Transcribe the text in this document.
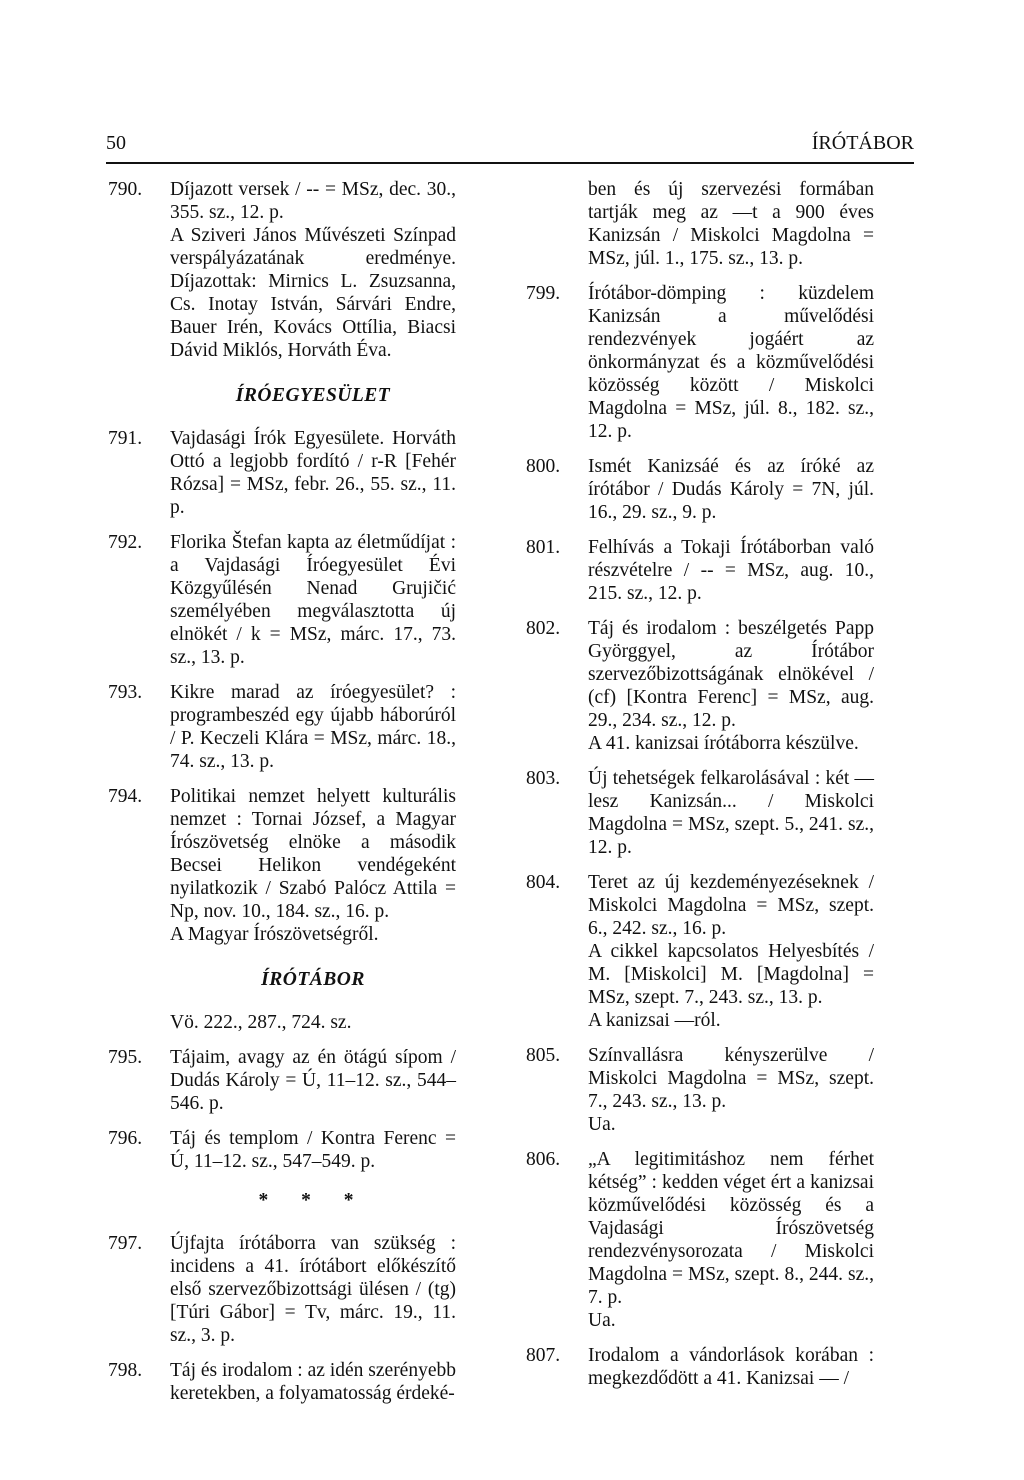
50	ÍRÓTÁBOR
790. Díjazott versek / -- = MSz, dec. 30., 355. sz., 12. p.

A Sziveri János Művészeti Színpad verspályázatának eredménye. Díjazottak: Mirnics L. Zsuzsanna, Cs. Inotay István, Sárvári Endre, Bauer Irén, Kovács Ottília, Biacsi Dávid Miklós, Horváth Éva.

ÍRÓEGYESÜLET
791. Vajdasági Írók Egyesülete. Horváth Ottó a legjobb fordító / r-R [Fehér Rózsa] = MSz, febr. 26., 55. sz., 11. p.

792. Florika Štefan kapta az életműdíjat : a Vajdasági Íróegyesület Évi Közgyűlésén Nenad Grujičić személyében megválasztotta új elnökét / k = MSz, márc. 17., 73. sz., 13. p.

793. Kikre marad az íróegyesület? : programbeszéd egy újabb háborúról / P. Keczeli Klára = MSz, márc. 18., 74. sz., 13. p.

794. Politikai nemzet helyett kulturális nemzet : Tornai József, a Magyar Írószövetség elnöke a második Becsei Helikon vendégeként nyilatkozik / Szabó Palócz Attila = Np, nov. 10., 184. sz., 16. p.

A Magyar Írószövetségről.

ÍRÓTÁBOR
Vö. 222., 287., 724. sz.
795. Tájaim, avagy az én ötágú sípom / Dudás Károly = Ú, 11–12. sz., 544–546. p.

796. Táj és templom / Kontra Ferenc = Ú, 11–12. sz., 547–549. p.

* * *
797. Újfajta írótáborra van szükség : incidens a 41. írótábort előkészítő első szervezőbizottsági ülésen / (tg) [Túri Gábor] = Tv, márc. 19., 11. sz., 3. p.

798. Táj és irodalom : az idén szerényebb keretekben, a folyamatosság érdeké-

ben és új szervezési formában tartják meg az —t a 900 éves Kanizsán / Miskolci Magdolna = MSz, júl. 1., 175. sz., 13. p.
799. Írótábor-dömping : küzdelem Kanizsán a művelődési rendezvények jogáért az önkormányzat és a közművelődési közösség között / Miskolci Magdolna = MSz, júl. 8., 182. sz., 12. p.

800. Ismét Kanizsáé és az íróké az írótábor / Dudás Károly = 7N, júl. 16., 29. sz., 9. p.

801. Felhívás a Tokaji Írótáborban való részvételre / -- = MSz, aug. 10., 215. sz., 12. p.

802. Táj és irodalom : beszélgetés Papp Györggyel, az Írótábor szervezőbizottságának elnökével / (cf) [Kontra Ferenc] = MSz, aug. 29., 234. sz., 12. p.

A 41. kanizsai írótáborra készülve.

803. Új tehetségek felkarolásával : két — lesz Kanizsán... / Miskolci Magdolna = MSz, szept. 5., 241. sz., 12. p.

804. Teret az új kezdeményezéseknek / Miskolci Magdolna = MSz, szept. 6., 242. sz., 16. p.

A cikkel kapcsolatos Helyesbítés / M. [Miskolci] M. [Magdolna] = MSz, szept. 7., 243. sz., 13. p.

A kanizsai —ról.

805. Színvallásra kényszerülve / Miskolci Magdolna = MSz, szept. 7., 243. sz., 13. p.

Ua.

806. „A legitimitáshoz nem férhet kétség” : kedden véget ért a kanizsai közművelődési közösség és a Vajdasági Írószövetség rendezvénysorozata / Miskolci Magdolna = MSz, szept. 8., 244. sz., 7. p.

Ua.

807. Irodalom a vándorlások korában : megkezdődött a 41. Kanizsai — /
